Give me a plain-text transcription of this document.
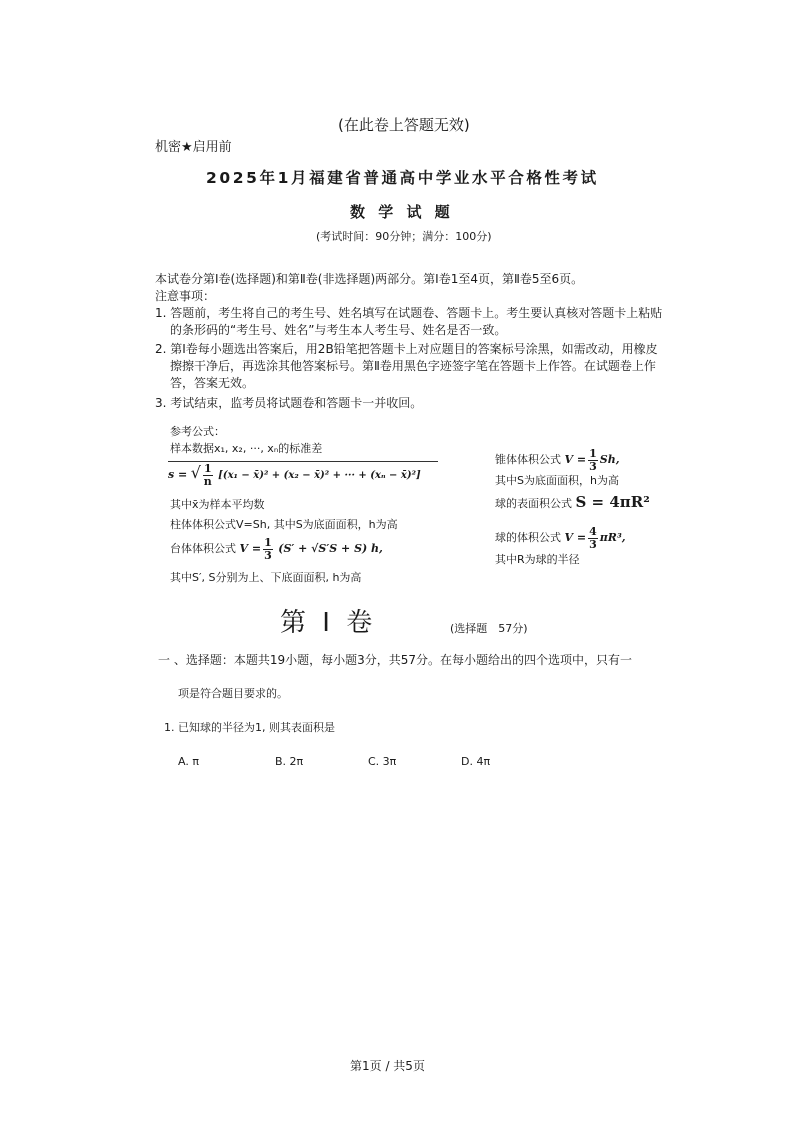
(在此卷上答题无效)
机密★启用前
2025年1月福建省普通高中学业水平合格性考试
数 学 试 题
(考试时间：90分钟；满分：100分)
本试卷分第Ⅰ卷(选择题)和第Ⅱ卷(非选择题)两部分。第Ⅰ卷1至4页，第Ⅱ卷5至6页。
注意事项：
1. 答题前，考生将自己的考生号、姓名填写在试题卷、答题卡上。考生要认真核对答题卡上粘贴
的条形码的“考生号、姓名”与考生本人考生号、姓名是否一致。
2. 第Ⅰ卷每小题选出答案后，用2B铅笔把答题卡上对应题目的答案标号涂黑，如需改动，用橡皮
擦擦干净后，再选涂其他答案标号。第Ⅱ卷用黑色字迹签字笔在答题卡上作答。在试题卷上作
答，答案无效。
3. 考试结束，监考员将试题卷和答题卡一并收回。
参考公式：
样本数据x₁, x₂, ···, xₙ的标准差
s = √ $\frac{1}{n} [(x_1$ − x̄)² + (x₂ − x̄)² + ··· + (xₙ − x̄)²]
其中x̄为样本平均数
柱体体积公式V=Sh, 其中S为底面面积，h为高
台体体积公式 $V = \frac{1}{3} (S' + √S'S + S)$ h,
其中S′, S分别为上、下底面面积, h为高
锥体体积公式 $V = \frac{1}{3} Sh$,
其中S为底面面积，h为高
球的表面积公式 S = 4πR²
球的体积公式 $V = \frac{4}{3} \pi R^3$,
其中R为球的半径
第 Ⅰ 卷	(选择题　57分)
一 、选择题：本题共19小题，每小题3分，共57分。在每小题给出的四个选项中，只有一
项是符合题目要求的。
1. 已知球的半径为1, 则其表面积是
A. π	B. 2π	C. 3π	D. 4π
第1页 / 共5页
